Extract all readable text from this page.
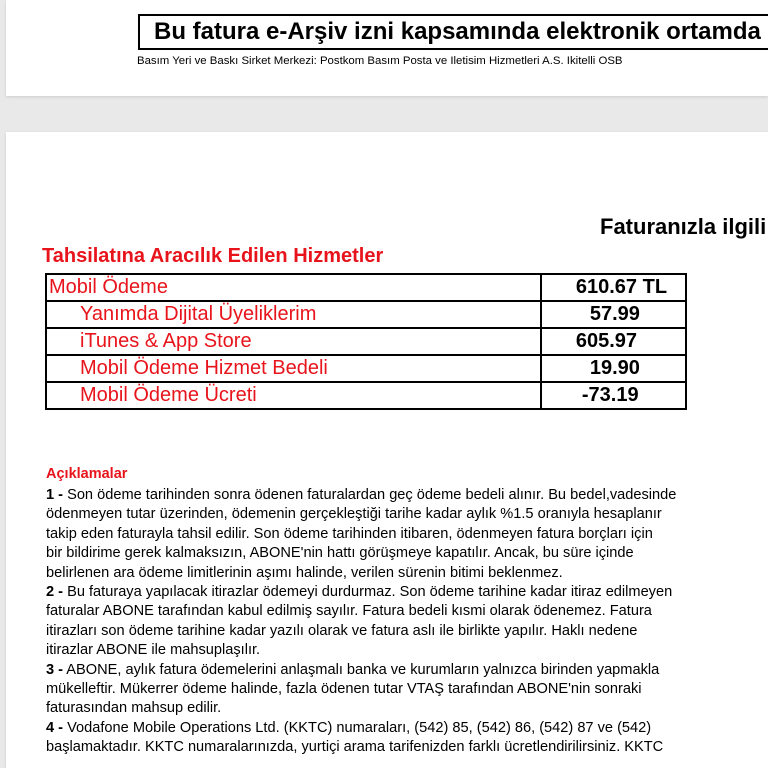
Bu fatura e-Arşiv izni kapsamında elektronik ortamda
Basım Yeri ve Baskı Sirket Merkezi: Postkom Basım Posta ve Iletisim Hizmetleri A.S. Ikitelli OSB
Faturanızla ilgili
Tahsilatına Aracılık Edilen Hizmetler
Mobil Ödeme	610.67 TL
Yanımda Dijital Üyeliklerim	57.99
iTunes & App Store	605.97
Mobil Ödeme Hizmet Bedeli	19.90
Mobil Ödeme Ücreti	-73.19
Açıklamalar
1 - Son ödeme tarihinden sonra ödenen faturalardan geç ödeme bedeli alınır. Bu bedel,vadesinde
ödenmeyen tutar üzerinden, ödemenin gerçekleştiği tarihe kadar aylık %1.5 oranıyla hesaplanır
takip eden faturayla tahsil edilir. Son ödeme tarihinden itibaren, ödenmeyen fatura borçları için
bir bildirime gerek kalmaksızın, ABONE'nin hattı görüşmeye kapatılır. Ancak, bu süre içinde
belirlenen ara ödeme limitlerinin aşımı halinde, verilen sürenin bitimi beklenmez.
2 - Bu faturaya yapılacak itirazlar ödemeyi durdurmaz. Son ödeme tarihine kadar itiraz edilmeyen
faturalar ABONE tarafından kabul edilmiş sayılır. Fatura bedeli kısmi olarak ödenemez. Fatura
itirazları son ödeme tarihine kadar yazılı olarak ve fatura aslı ile birlikte yapılır. Haklı nedene
itirazlar ABONE ile mahsuplaşılır.
3 - ABONE, aylık fatura ödemelerini anlaşmalı banka ve kurumların yalnızca birinden yapmakla
mükelleftir. Mükerrer ödeme halinde, fazla ödenen tutar VTAŞ tarafından ABONE'nin sonraki
faturasından mahsup edilir.
4 - Vodafone Mobile Operations Ltd. (KKTC) numaraları, (542) 85, (542) 86, (542) 87 ve (542)
başlamaktadır. KKTC numaralarınızda, yurtiçi arama tarifenizden farklı ücretlendirilirsiniz. KKTC
